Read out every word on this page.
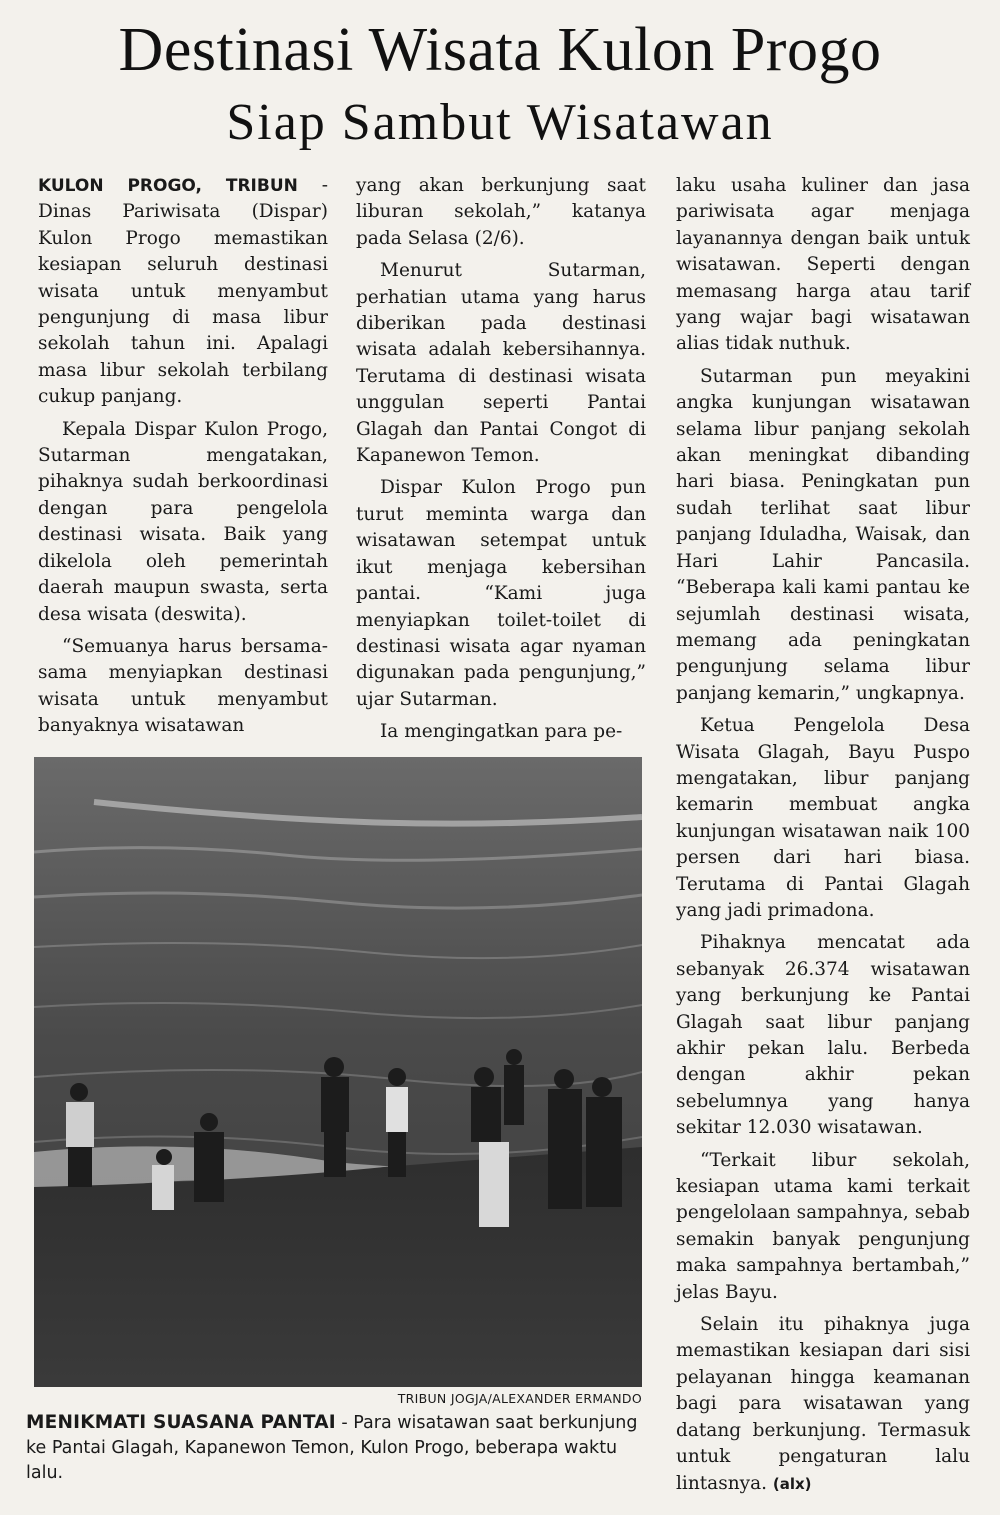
Destinasi Wisata Kulon Progo
Siap Sambut Wisatawan

KULON PROGO, TRIBUN - Dinas Pariwisata (Dispar) Kulon Progo memastikan kesiapan seluruh destinasi wisata untuk menyambut pengunjung di masa libur sekolah tahun ini. Apalagi masa libur sekolah terbilang cukup panjang.

Kepala Dispar Kulon Progo, Sutarman mengatakan, pihaknya sudah berkoordinasi dengan para pengelola destinasi wisata. Baik yang dikelola oleh pemerintah daerah maupun swasta, serta desa wisata (deswita).

“Semuanya harus bersama-sama menyiapkan destinasi wisata untuk menyambut banyaknya wisatawan

yang akan berkunjung saat liburan sekolah,” katanya pada Selasa (2/6).

Menurut Sutarman, perhatian utama yang harus diberikan pada destinasi wisata adalah kebersihannya. Terutama di destinasi wisata unggulan seperti Pantai Glagah dan Pantai Congot di Kapanewon Temon.

Dispar Kulon Progo pun turut meminta warga dan wisatawan setempat untuk ikut menjaga kebersihan pantai. “Kami juga menyiapkan toilet-toilet di destinasi wisata agar nyaman digunakan pada pengunjung,” ujar Sutarman.

Ia mengingatkan para pe-

laku usaha kuliner dan jasa pariwisata agar menjaga layanannya dengan baik untuk wisatawan. Seperti dengan memasang harga atau tarif yang wajar bagi wisatawan alias tidak nuthuk.

Sutarman pun meyakini angka kunjungan wisatawan selama libur panjang sekolah akan meningkat dibanding hari biasa. Peningkatan pun sudah terlihat saat libur panjang Iduladha, Waisak, dan Hari Lahir Pancasila. “Beberapa kali kami pantau ke sejumlah destinasi wisata, memang ada peningkatan pengunjung selama libur panjang kemarin,” ungkapnya.

Ketua Pengelola Desa Wisata Glagah, Bayu Puspo mengatakan, libur panjang kemarin membuat angka kunjungan wisatawan naik 100 persen dari hari biasa. Terutama di Pantai Glagah yang jadi primadona.

Pihaknya mencatat ada sebanyak 26.374 wisatawan yang berkunjung ke Pantai Glagah saat libur panjang akhir pekan lalu. Berbeda dengan akhir pekan sebelumnya yang hanya sekitar 12.030 wisatawan.

“Terkait libur sekolah, kesiapan utama kami terkait pengelolaan sampahnya, sebab semakin banyak pengunjung maka sampahnya bertambah,” jelas Bayu.

Selain itu pihaknya juga memastikan kesiapan dari sisi pelayanan hingga keamanan bagi para wisatawan yang datang berkunjung. Termasuk untuk pengaturan lalu lintasnya. (alx)

TRIBUN JOGJA/ALEXANDER ERMANDO
MENIKMATI SUASANA PANTAI - Para wisatawan saat berkunjung ke Pantai Glagah, Kapanewon Temon, Kulon Progo, beberapa waktu lalu.
